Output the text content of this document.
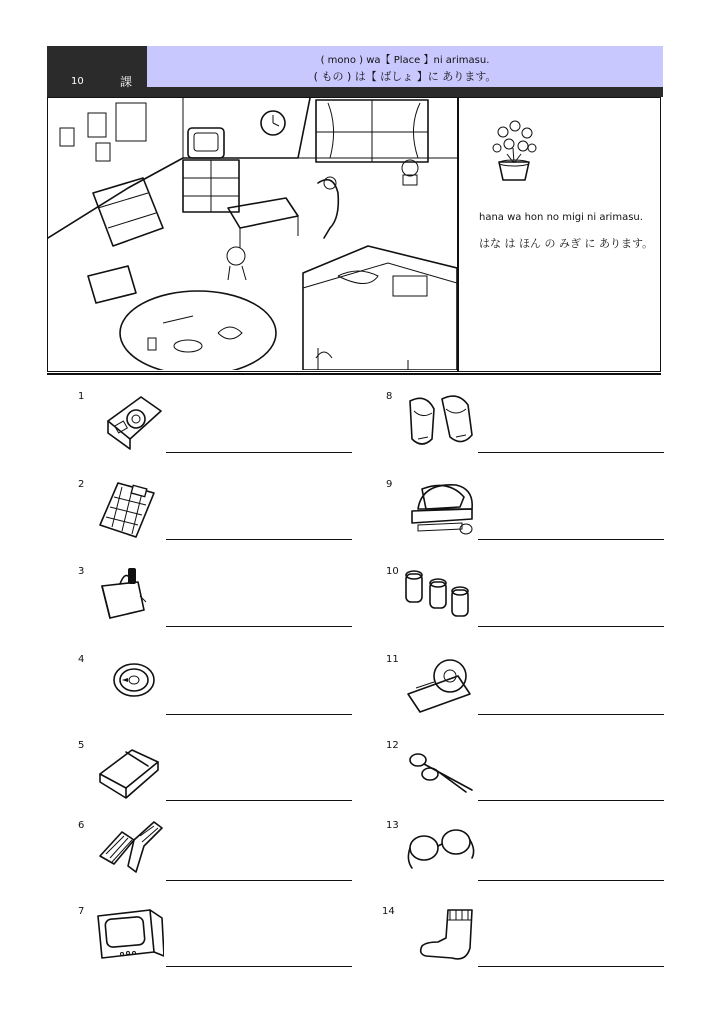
10	課
( mono ) wa【 Place 】ni arimasu.
( もの ) は【 ばしょ 】に あります。
hana wa hon no migi ni arimasu.
はな は ほん の みぎ に あります。
1
2
3
4
5
6
7
8
9
10
11
12
13
14
